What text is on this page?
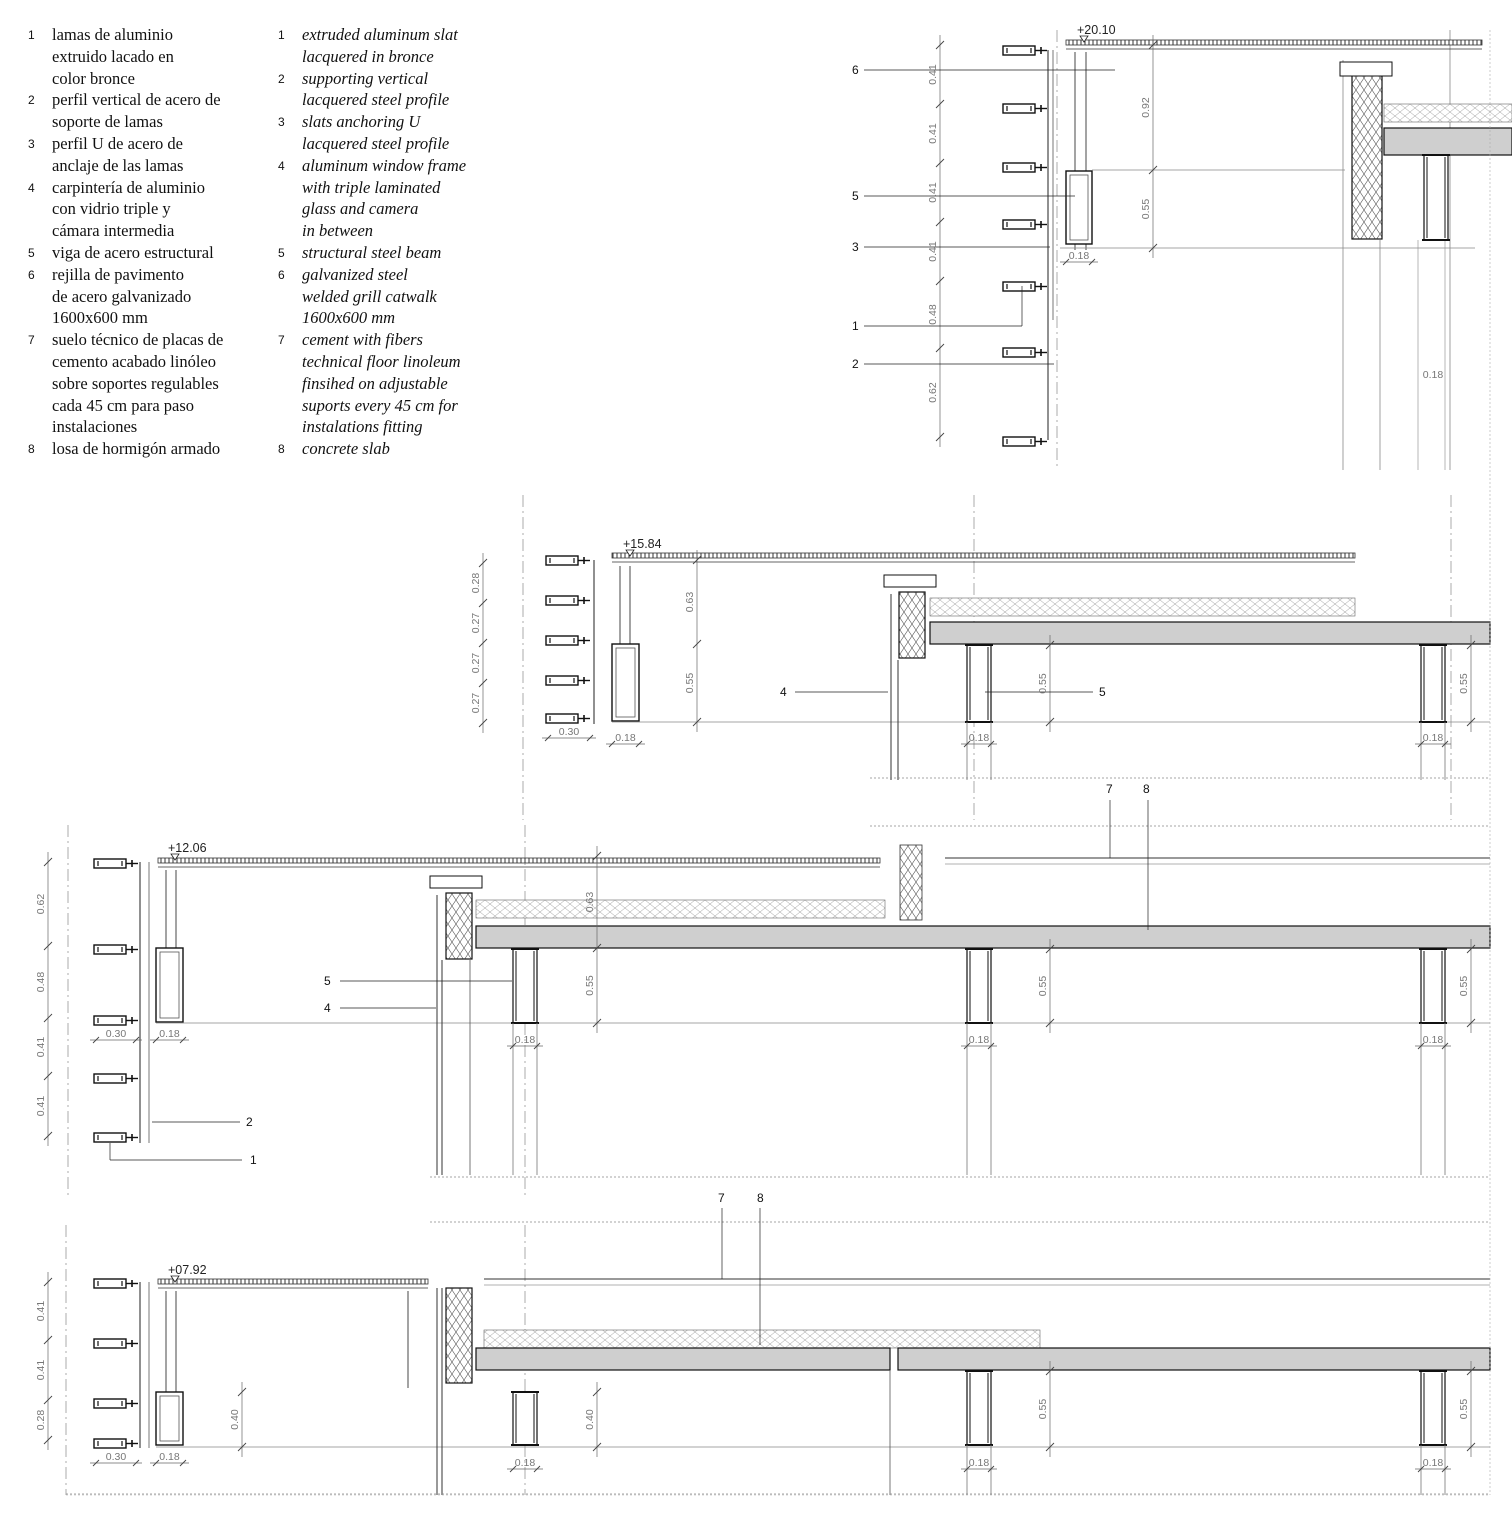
1 lamas de aluminio
extruido lacado en
color bronce
2 perfil vertical de acero de
soporte de lamas
3 perfil U de acero de
anclaje de las lamas
4 carpintería de aluminio
con vidrio triple y
cámara intermedia
5 viga de acero estructural
6 rejilla de pavimento
de acero galvanizado
1600x600 mm
7 suelo técnico de placas de
cemento acabado linóleo
sobre soportes regulables
cada 45 cm para paso
instalaciones
8 losa de hormigón armado
1 extruded aluminum slat
lacquered in bronce
2 supporting vertical
lacquered steel profile
3 slats anchoring U
lacquered steel profile
4 aluminum window frame
with triple laminated
glass and camera
in between
5 structural steel beam
6 galvanized steel
welded grill catwalk
1600x600 mm
7 cement with fibers
technical floor linoleum
finsihed on adjustable
suports every 45 cm for
instalations fitting
8 concrete slab
0.41
0.41
0.41
0.41
0.48
0.62
0.92
0.55
0.18
0.18
+20.10
6
5
3
1
2
0.28
0.27
0.27
0.27
0.63
0.55	0.55	0.55
0.30	0.18	0.18	0.18
+15.84
4	5
0.62
0.48
0.41
0.41
0.63
0.55	0.55	0.55
0.30	0.18	0.18	0.18	0.18
+12.06
7	8
5
4
2
1
0.41
0.41
0.28	0.40	0.40
0.55	0.55
0.30	0.18	0.18	0.18	0.18
+07.92
7	8
